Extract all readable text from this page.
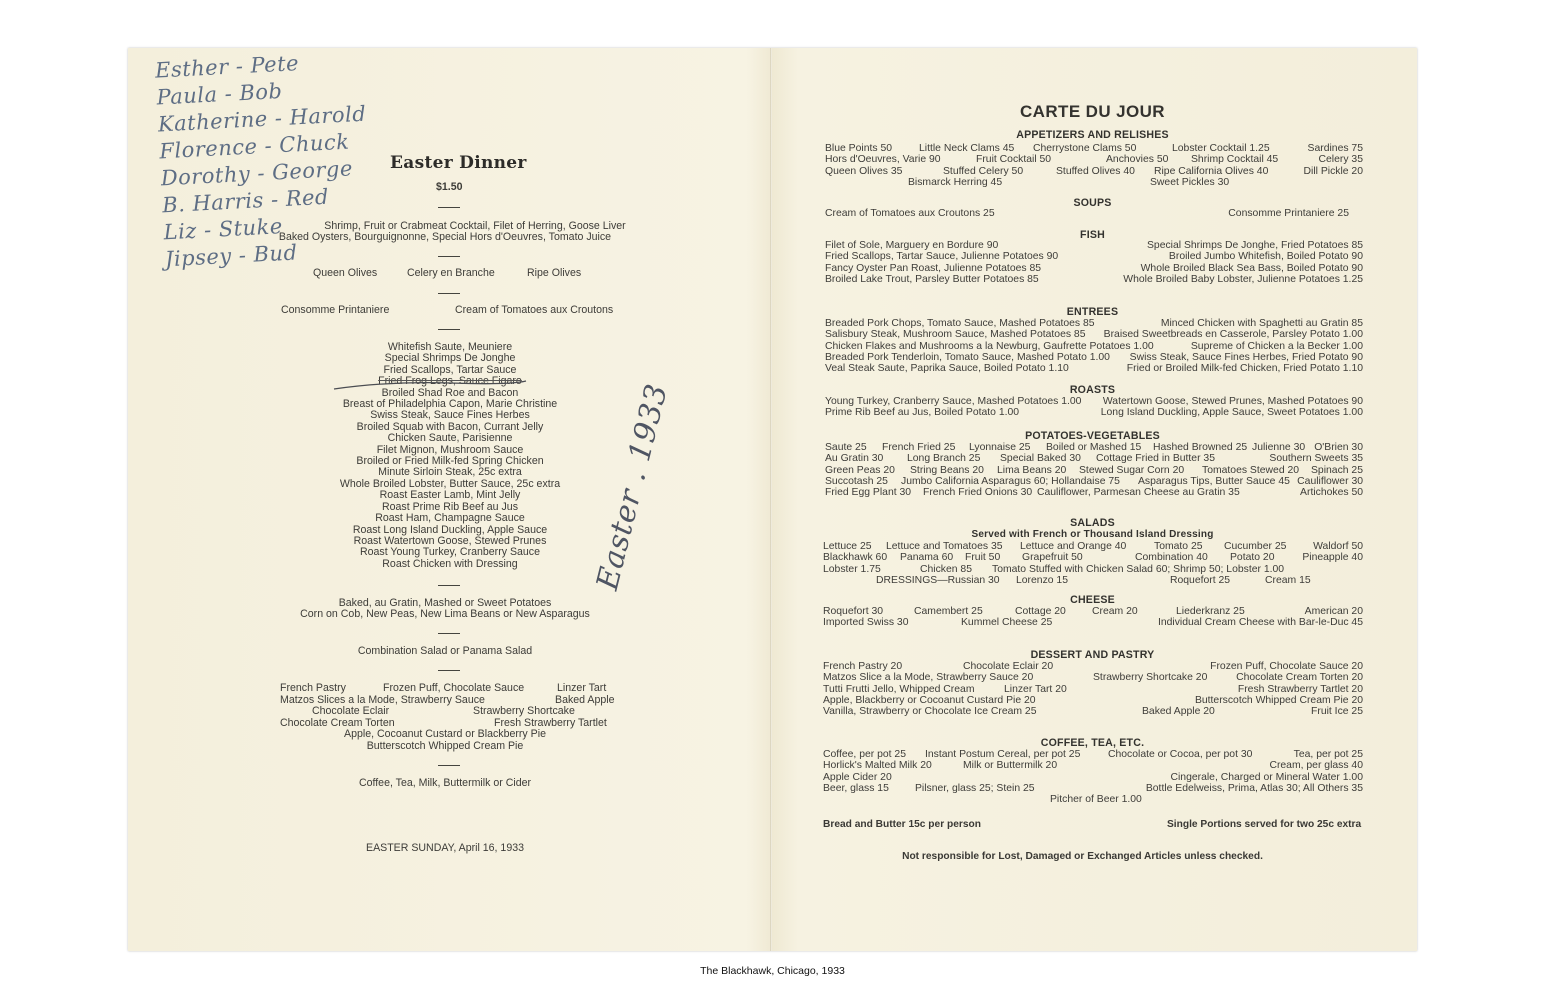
Esther - Pete
Paula - Bob
Katherine - Harold
Florence - Chuck
Dorothy - George
B. Harris - Red
Liz - Stuke
Jipsey - Bud
Easter Dinner
$1.50
Shrimp, Fruit or Crabmeat Cocktail, Filet of Herring, Goose Liver
Baked Oysters, Bourguignonne, Special Hors d'Oeuvres, Tomato Juice
Queen Olives	Celery en Branche	Ripe Olives
Consomme Printaniere	Cream of Tomatoes aux Croutons
Whitefish Saute, Meuniere
Special Shrimps De Jonghe
Fried Scallops, Tartar Sauce
Fried Frog Legs, Sauce Figaro
Broiled Shad Roe and Bacon
Breast of Philadelphia Capon, Marie Christine
Swiss Steak, Sauce Fines Herbes
Broiled Squab with Bacon, Currant Jelly
Chicken Saute, Parisienne
Filet Mignon, Mushroom Sauce
Broiled or Fried Milk-fed Spring Chicken
Minute Sirloin Steak, 25c extra
Whole Broiled Lobster, Butter Sauce, 25c extra
Roast Easter Lamb, Mint Jelly
Roast Prime Rib Beef au Jus
Roast Ham, Champagne Sauce
Roast Long Island Duckling, Apple Sauce
Roast Watertown Goose, Stewed Prunes
Roast Young Turkey, Cranberry Sauce
Roast Chicken with Dressing
Baked, au Gratin, Mashed or Sweet Potatoes
Corn on Cob, New Peas, New Lima Beans or New Asparagus
Combination Salad or Panama Salad
French Pastry	Frozen Puff, Chocolate Sauce	Linzer Tart
Matzos Slices a la Mode, Strawberry Sauce	Baked Apple
Chocolate Eclair	Strawberry Shortcake
Chocolate Cream Torten	Fresh Strawberry Tartlet
Apple, Cocoanut Custard or Blackberry Pie
Butterscotch Whipped Cream Pie
Coffee, Tea, Milk, Buttermilk or Cider
EASTER SUNDAY, April 16, 1933
Easter . 1933
CARTE DU JOUR
APPETIZERS AND RELISHES
Blue Points 50	Little Neck Clams 45 Cherrystone Clams 50	Lobster Cocktail 1.25	Sardines 75
Hors d'Oeuvres, Varie 90	Fruit Cocktail 50	Anchovies 50 Shrimp Cocktail 45	Celery 35
Queen Olives 35	Stuffed Celery 50	Stuffed Olives 40 Ripe California Olives 40	Dill Pickle 20
Bismarck Herring 45	Sweet Pickles 30
SOUPS
Cream of Tomatoes aux Croutons 25	Consomme Printaniere 25
FISH
Filet of Sole, Marguery en Bordure 90	Special Shrimps De Jonghe, Fried Potatoes 85
Fried Scallops, Tartar Sauce, Julienne Potatoes 90	Broiled Jumbo Whitefish, Boiled Potato 90
Fancy Oyster Pan Roast, Julienne Potatoes 85	Whole Broiled Black Sea Bass, Boiled Potato 90
Broiled Lake Trout, Parsley Butter Potatoes 85	Whole Broiled Baby Lobster, Julienne Potatoes 1.25
ENTREES
Breaded Pork Chops, Tomato Sauce, Mashed Potatoes 85	Minced Chicken with Spaghetti au Gratin 85
Salisbury Steak, Mushroom Sauce, Mashed Potatoes 85 Braised Sweetbreads en Casserole, Parsley Potato 1.00
Chicken Flakes and Mushrooms a la Newburg, Gaufrette Potatoes 1.00	Supreme of Chicken a la Becker 1.00
Breaded Pork Tenderloin, Tomato Sauce, Mashed Potato 1.00 Swiss Steak, Sauce Fines Herbes, Fried Potato 90
Veal Steak Saute, Paprika Sauce, Boiled Potato 1.10	Fried or Broiled Milk-fed Chicken, Fried Potato 1.10
ROASTS
Young Turkey, Cranberry Sauce, Mashed Potatoes 1.00 Watertown Goose, Stewed Prunes, Mashed Potatoes 90
Prime Rib Beef au Jus, Boiled Potato 1.00	Long Island Duckling, Apple Sauce, Sweet Potatoes 1.00
POTATOES-VEGETABLES
Saute 25 French Fried 25 Lyonnaise 25 Boiled or Mashed 15 Hashed Browned 25 Julienne 30 O'Brien 30
Au Gratin 30 Long Branch 25 Special Baked 30 Cottage Fried in Butter 35	Southern Sweets 35
Green Peas 20 String Beans 20 Lima Beans 20 Stewed Sugar Corn 20 Tomatoes Stewed 20 Spinach 25
Succotash 25 Jumbo California Asparagus 60; Hollandaise 75 Asparagus Tips, Butter Sauce 45 Cauliflower 30
Fried Egg Plant 30 French Fried Onions 30 Cauliflower, Parmesan Cheese au Gratin 35	Artichokes 50
SALADS
Served with French or Thousand Island Dressing
Lettuce 25 Lettuce and Tomatoes 35 Lettuce and Orange 40	Tomato 25 Cucumber 25	Waldorf 50
Blackhawk 60 Panama 60 Fruit 50 Grapefruit 50	Combination 40 Potato 20	Pineapple 40
Lobster 1.75	Chicken 85 Tomato Stuffed with Chicken Salad 60; Shrimp 50; Lobster 1.00
DRESSINGS—Russian 30 Lorenzo 15	Roquefort 25	Cream 15
CHEESE
Roquefort 30	Camembert 25	Cottage 20	Cream 20	Liederkranz 25	American 20
Imported Swiss 30	Kummel Cheese 25	Individual Cream Cheese with Bar-le-Duc 45
DESSERT AND PASTRY
French Pastry 20	Chocolate Eclair 20	Frozen Puff, Chocolate Sauce 20
Matzos Slice a la Mode, Strawberry Sauce 20	Strawberry Shortcake 20	Chocolate Cream Torten 20
Tutti Frutti Jello, Whipped Cream	Linzer Tart 20	Fresh Strawberry Tartlet 20
Apple, Blackberry or Cocoanut Custard Pie 20	Butterscotch Whipped Cream Pie 20
Vanilla, Strawberry or Chocolate Ice Cream 25	Baked Apple 20	Fruit Ice 25
COFFEE, TEA, ETC.
Coffee, per pot 25 Instant Postum Cereal, per pot 25	Chocolate or Cocoa, per pot 30	Tea, per pot 25
Horlick's Malted Milk 20	Milk or Buttermilk 20	Cream, per glass 40
Apple Cider 20	Cingerale, Charged or Mineral Water 1.00
Beer, glass 15	Pilsner, glass 25; Stein 25	Bottle Edelweiss, Prima, Atlas 30; All Others 35
Pitcher of Beer 1.00
Bread and Butter 15c per person	Single Portions served for two 25c extra
Not responsible for Lost, Damaged or Exchanged Articles unless checked.
The Blackhawk, Chicago, 1933
